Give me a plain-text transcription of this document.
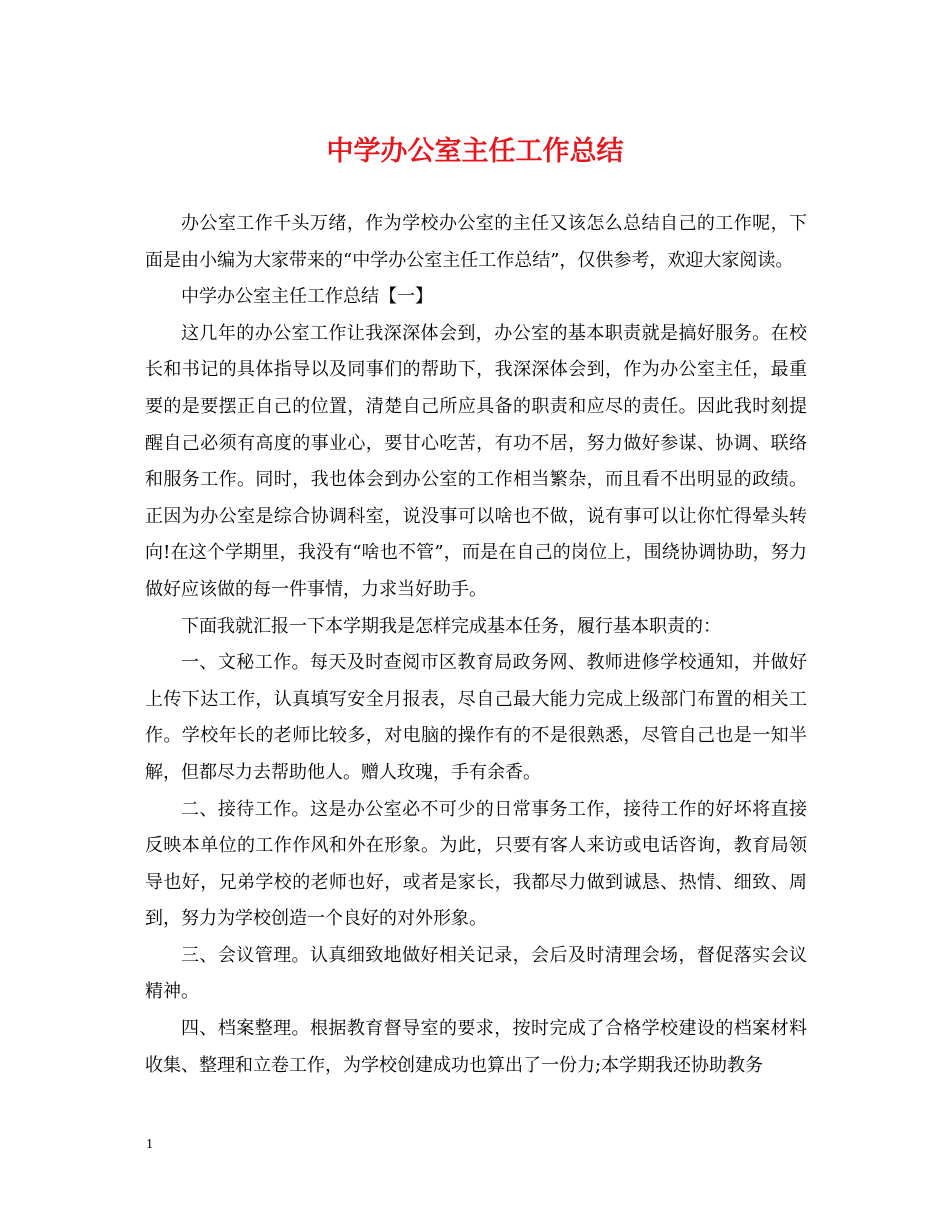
中学办公室主任工作总结

办公室工作千头万绪，作为学校办公室的主任又该怎么总结自己的工作呢，下面是由小编为大家带来的“中学办公室主任工作总结”，仅供参考，欢迎大家阅读。

中学办公室主任工作总结【一】

这几年的办公室工作让我深深体会到，办公室的基本职责就是搞好服务。在校长和书记的具体指导以及同事们的帮助下，我深深体会到，作为办公室主任，最重要的是要摆正自己的位置，清楚自己所应具备的职责和应尽的责任。因此我时刻提醒自己必须有高度的事业心，要甘心吃苦，有功不居，努力做好参谋、协调、联络和服务工作。同时，我也体会到办公室的工作相当繁杂，而且看不出明显的政绩。正因为办公室是综合协调科室，说没事可以啥也不做，说有事可以让你忙得晕头转向!在这个学期里，我没有“啥也不管”，而是在自己的岗位上，围绕协调协助，努力做好应该做的每一件事情，力求当好助手。

下面我就汇报一下本学期我是怎样完成基本任务，履行基本职责的：

一、文秘工作。每天及时查阅市区教育局政务网、教师进修学校通知，并做好上传下达工作，认真填写安全月报表，尽自己最大能力完成上级部门布置的相关工作。学校年长的老师比较多，对电脑的操作有的不是很熟悉，尽管自己也是一知半解，但都尽力去帮助他人。赠人玫瑰，手有余香。

二、接待工作。这是办公室必不可少的日常事务工作，接待工作的好坏将直接反映本单位的工作作风和外在形象。为此，只要有客人来访或电话咨询，教育局领导也好，兄弟学校的老师也好，或者是家长，我都尽力做到诚恳、热情、细致、周到，努力为学校创造一个良好的对外形象。

三、会议管理。认真细致地做好相关记录，会后及时清理会场，督促落实会议精神。

四、档案整理。根据教育督导室的要求，按时完成了合格学校建设的档案材料收集、整理和立卷工作，为学校创建成功也算出了一份力;本学期我还协助教务

1
